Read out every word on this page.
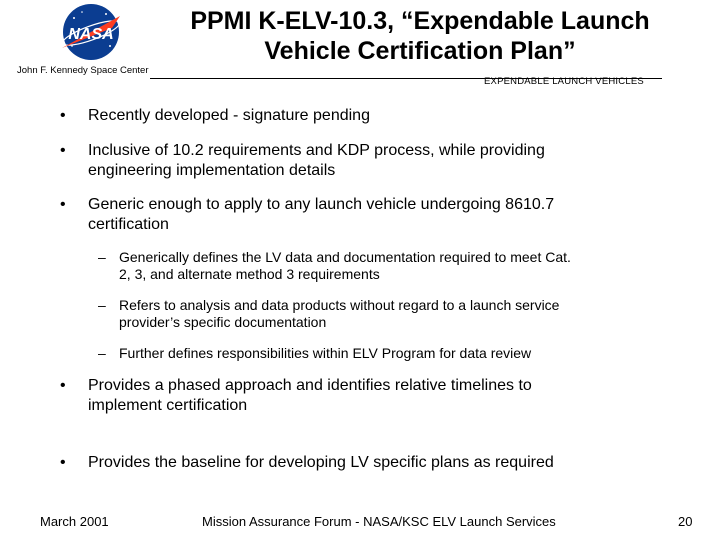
NASA
John F. Kennedy Space Center
PPMI K-ELV-10.3, “Expendable Launch
Vehicle Certification Plan”
EXPENDABLE LAUNCH VEHICLES
• Recently developed - signature pending
• Inclusive of 10.2 requirements and KDP process, while providing
engineering implementation details
• Generic enough to apply to any launch vehicle undergoing 8610.7
certification
– Generically defines the LV data and documentation required to meet Cat.
2, 3, and alternate method 3 requirements
– Refers to analysis and data products without regard to a launch service
provider’s specific documentation
– Further defines responsibilities within ELV Program for data review
• Provides a phased approach and identifies relative timelines to
implement certification
• Provides the baseline for developing LV specific plans as required
March 2001	Mission Assurance Forum - NASA/KSC ELV Launch Services	20
